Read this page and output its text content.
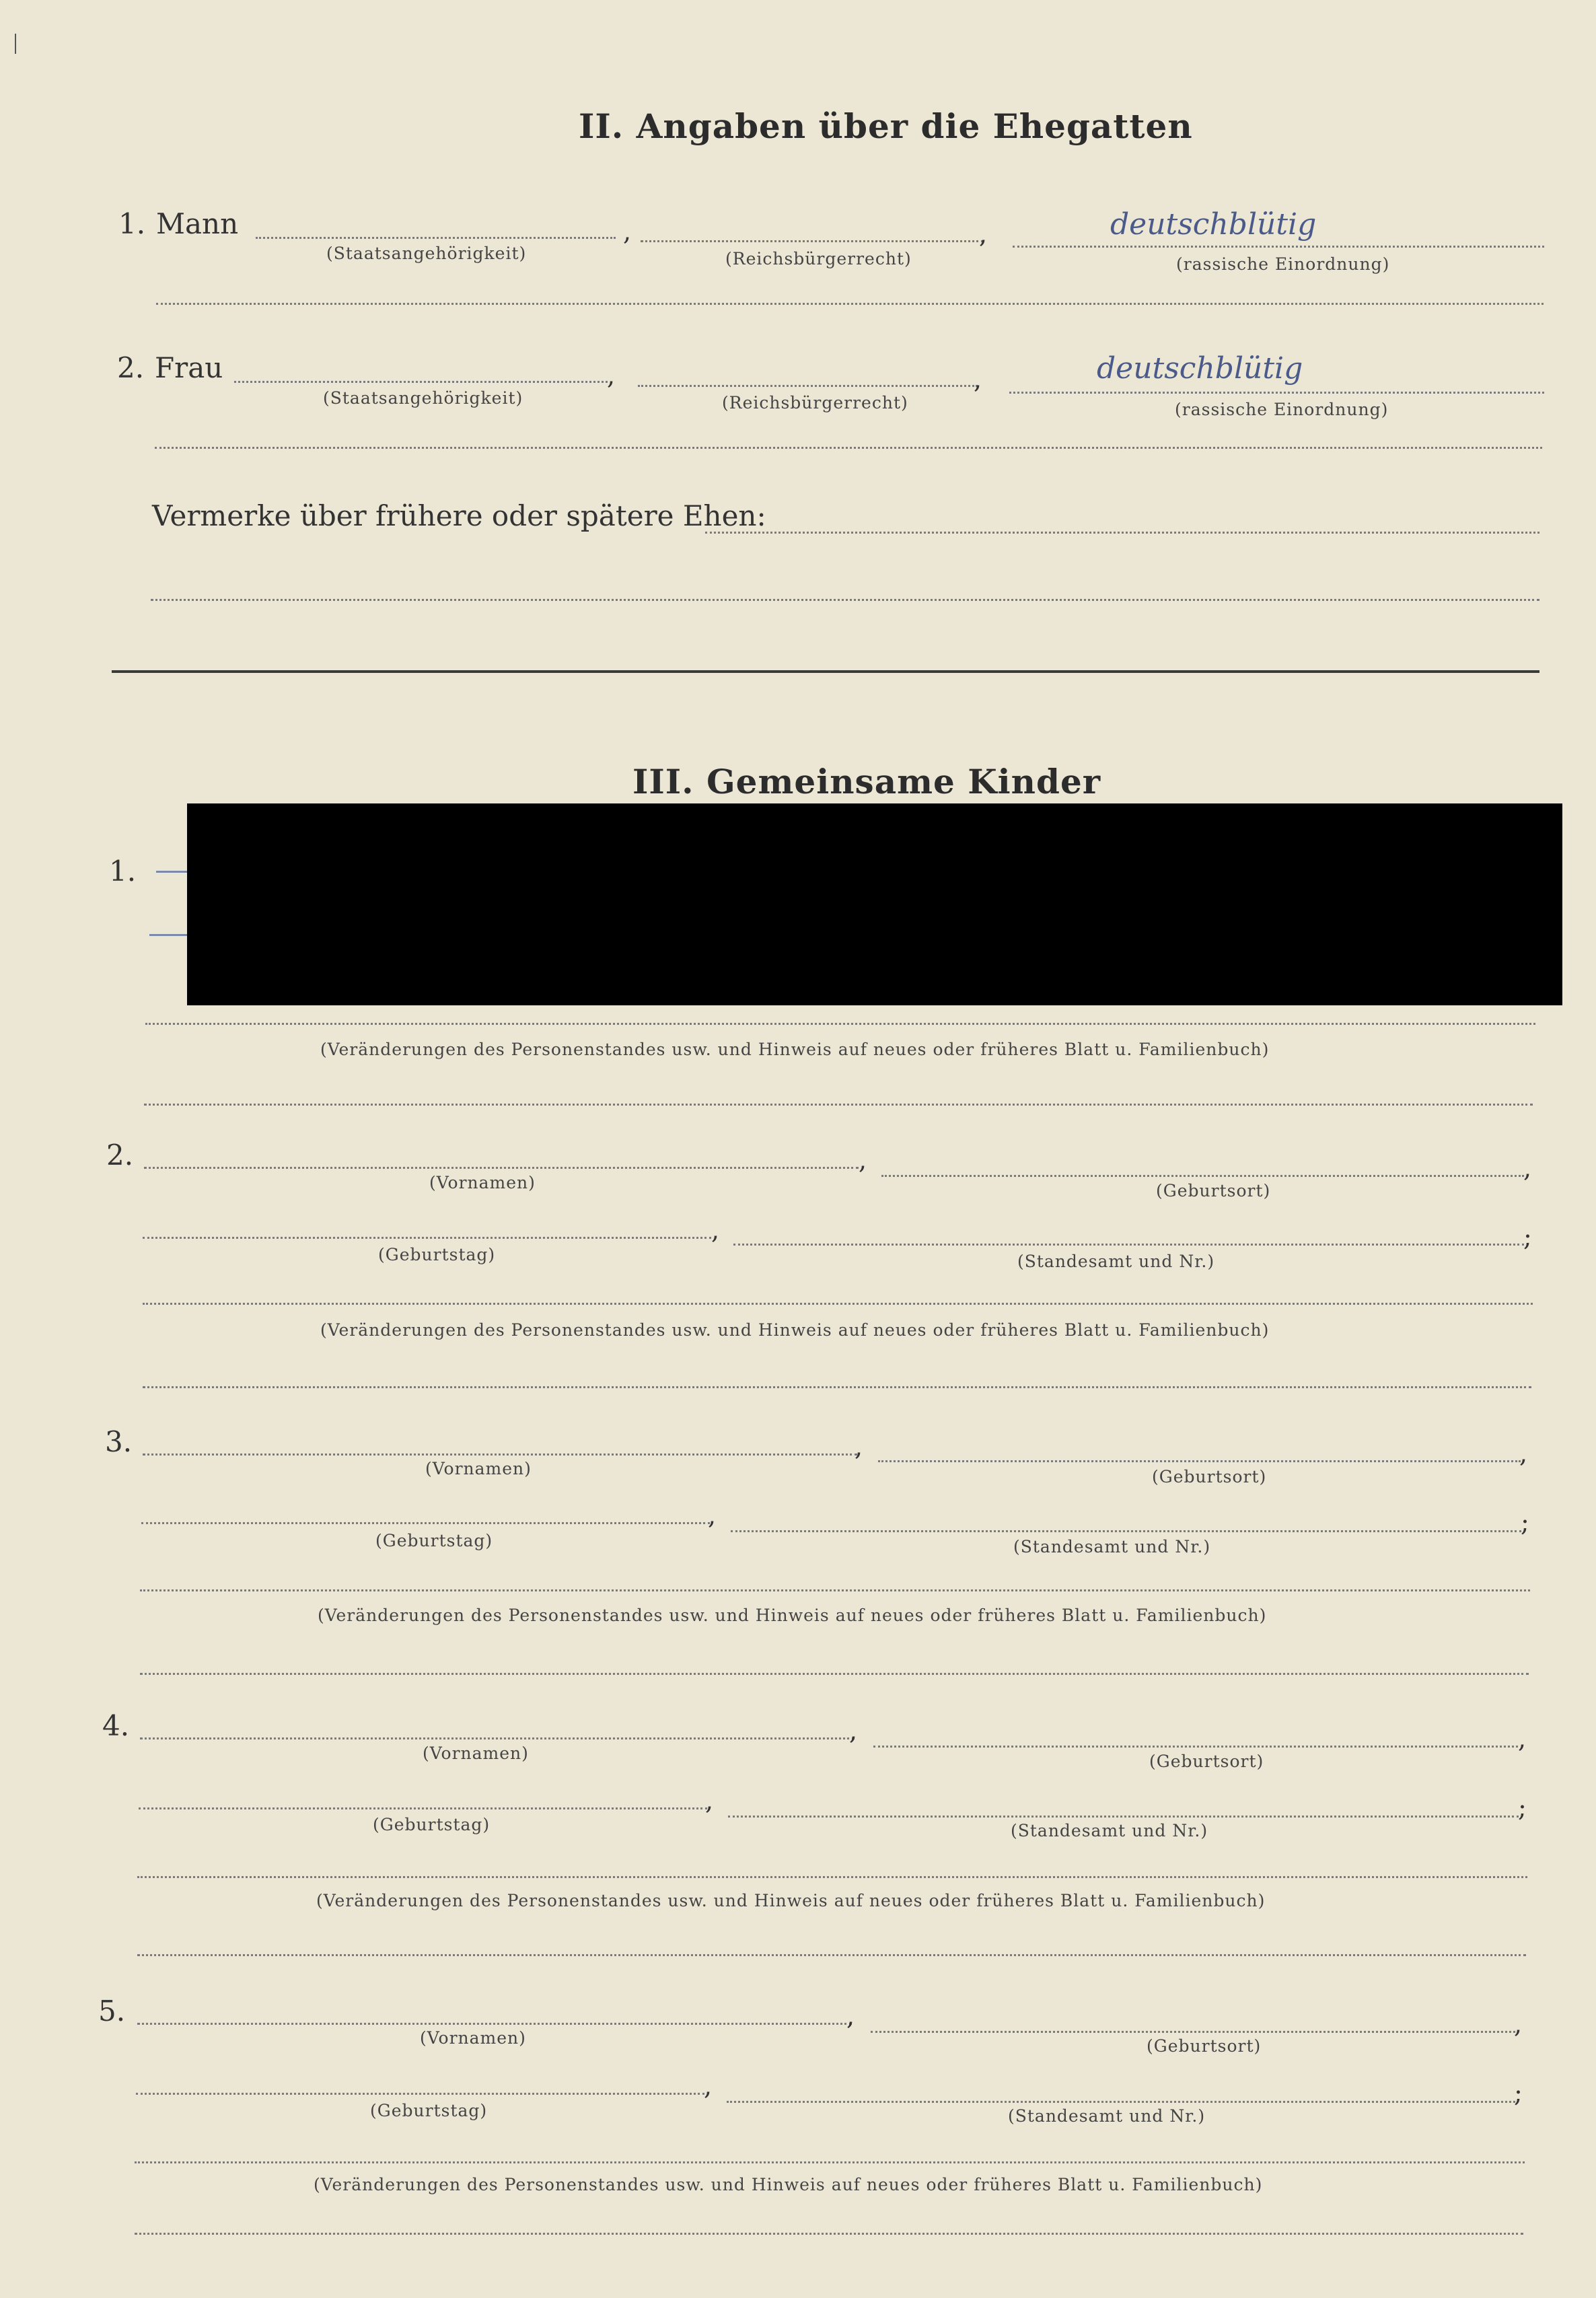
II. Angaben über die Ehegatten
1. Mann	,	,	deutschblütig
(Staatsangehörigkeit)	(Reichsbürgerrecht)	(rassische Einordnung)
2. Frau	,	,	deutschblütig
(Staatsangehörigkeit)	(Reichsbürgerrecht)	(rassische Einordnung)
Vermerke über frühere oder spätere Ehen:
III. Gemeinsame Kinder
1.
(Veränderungen des Personenstandes usw. und Hinweis auf neues oder früheres Blatt u. Familienbuch)
2.	,	,
(Vornamen)	(Geburtsort)
,	;
(Geburtstag)	(Standesamt und Nr.)
(Veränderungen des Personenstandes usw. und Hinweis auf neues oder früheres Blatt u. Familienbuch)
3.	,	,
(Vornamen)	(Geburtsort)
,	;
(Geburtstag)	(Standesamt und Nr.)
(Veränderungen des Personenstandes usw. und Hinweis auf neues oder früheres Blatt u. Familienbuch)
4.	,	,
(Vornamen)	(Geburtsort)
,	;
(Geburtstag)	(Standesamt und Nr.)
(Veränderungen des Personenstandes usw. und Hinweis auf neues oder früheres Blatt u. Familienbuch)
5.	,	,
(Vornamen)	(Geburtsort)
,	;
(Geburtstag)	(Standesamt und Nr.)
(Veränderungen des Personenstandes usw. und Hinweis auf neues oder früheres Blatt u. Familienbuch)
